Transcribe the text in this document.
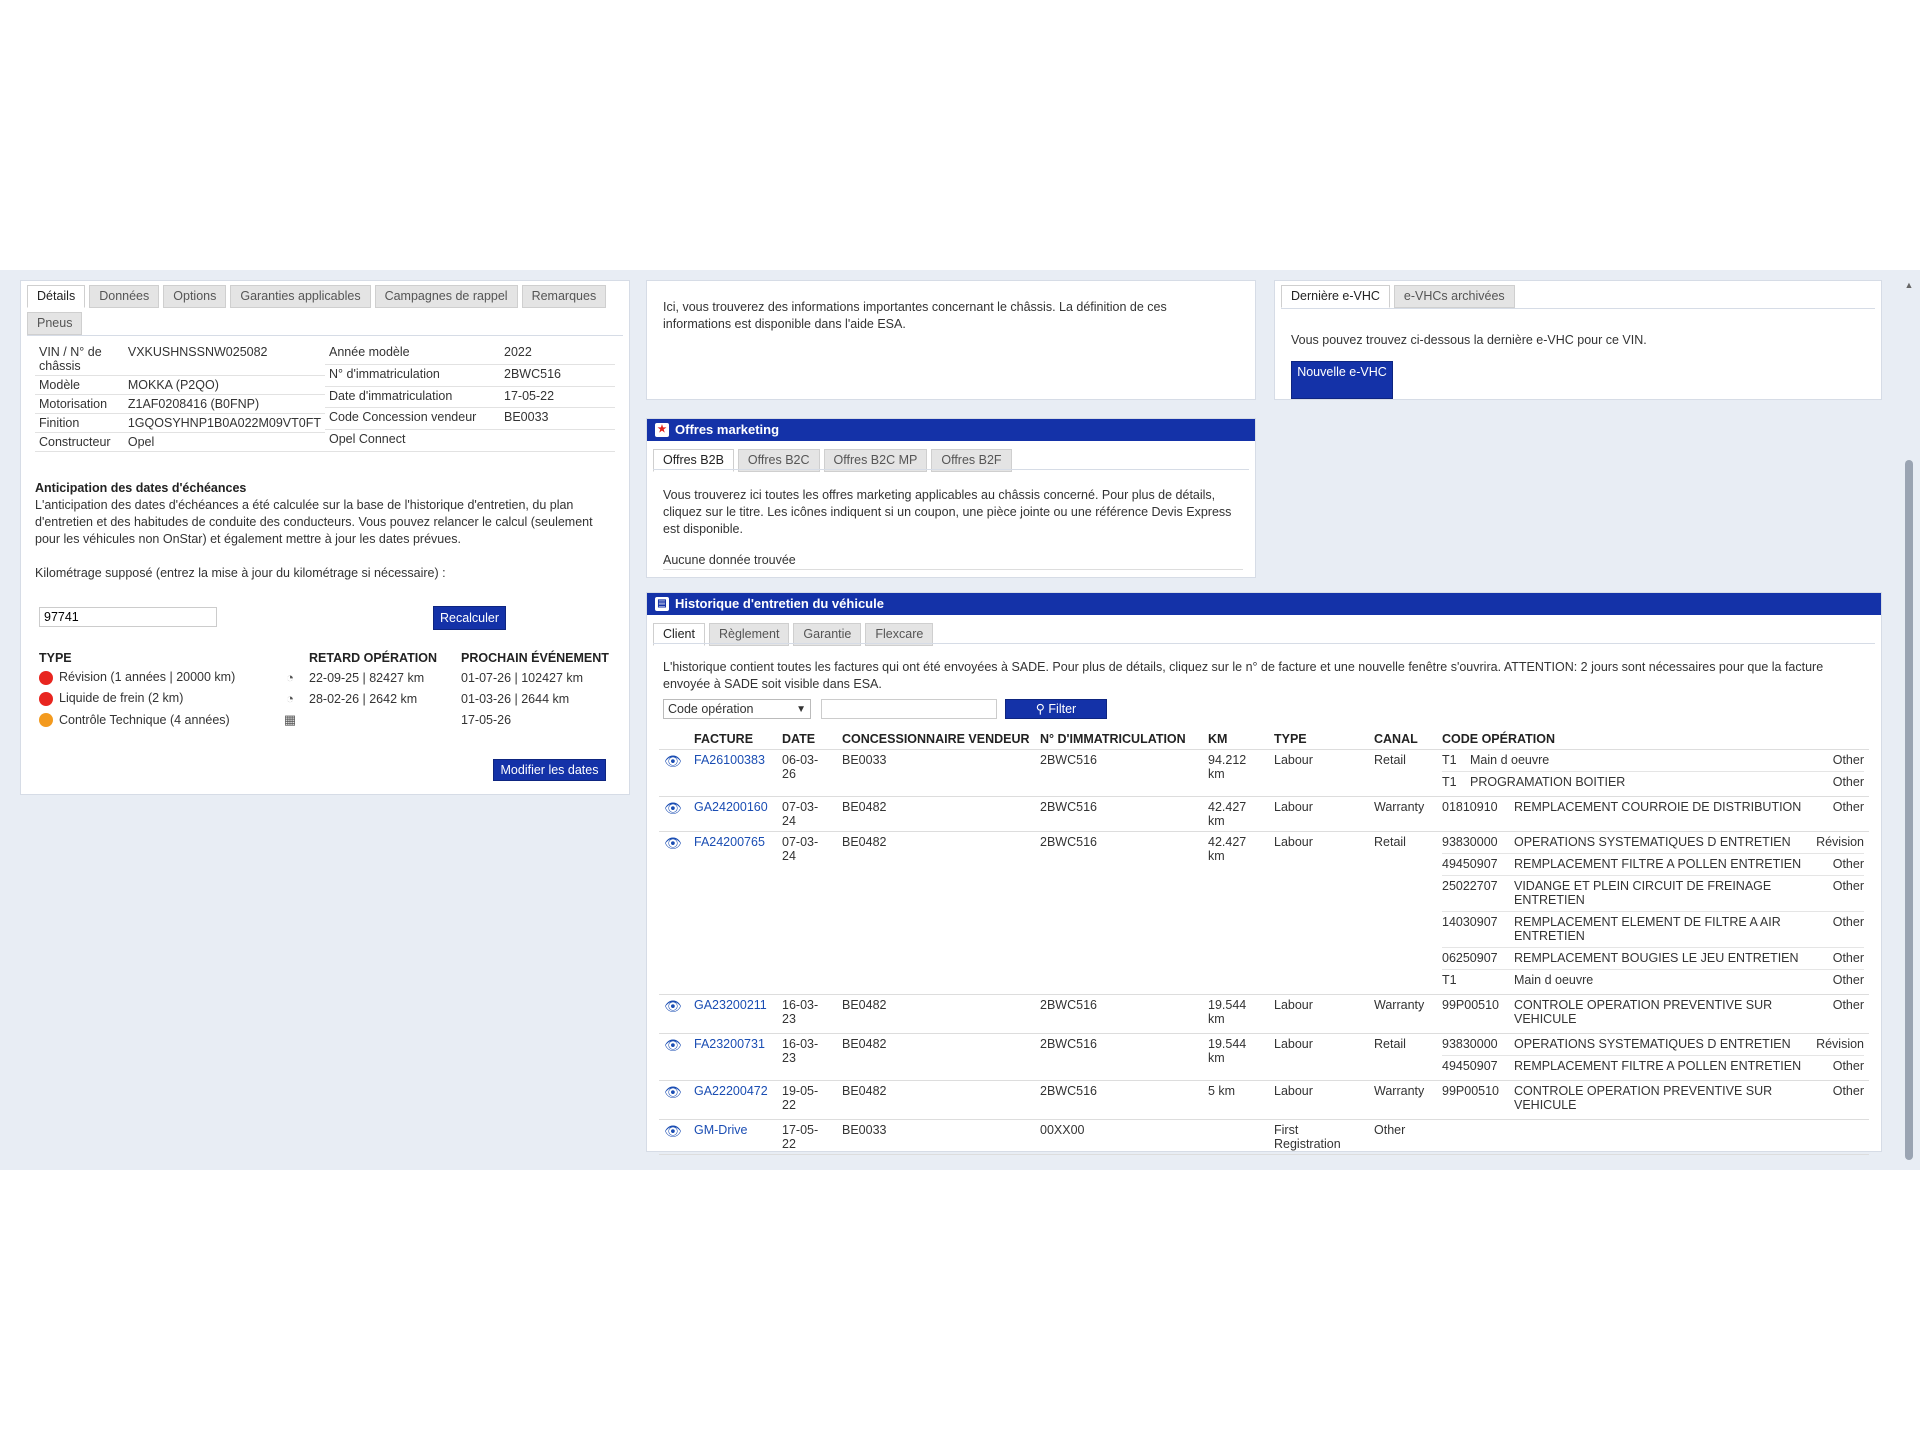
Détails	Données	Options	Garanties applicables	Campagnes de rappel	Remarques
Pneus
VIN / N° de châssis	VXKUSHNSSNW025082
Modèle	MOKKA (P2QO)
Motorisation	Z1AF0208416 (B0FNP)
Finition	1GQOSYHNP1B0A022M09VT0FT
Constructeur	Opel
Année modèle	2022
N° d'immatriculation	2BWC516
Date d'immatriculation	17-05-22
Code Concession vendeur	BE0033
Opel Connect	
Anticipation des dates d'échéances
L'anticipation des dates d'échéances a été calculée sur la base de l'historique d'entretien, du plan d'entretien et des habitudes de conduite des conducteurs. Vous pouvez relancer le calcul (seulement pour les véhicules non OnStar) et également mettre à jour les dates prévues.
Kilométrage supposé (entrez la mise à jour du kilométrage si nécessaire) :
97741
Recalculer
TYPE		RETARD OPÉRATION	PROCHAIN ÉVÉNEMENT
Révision (1 années | 20000 km)	◔	22-09-25 | 82427 km	01-07-26 | 102427 km
Liquide de frein (2 km)	◔	28-02-26 | 2642 km	01-03-26 | 2644 km
Contrôle Technique (4 années)	▦		17-05-26
Modifier les dates
Ici, vous trouverez des informations importantes concernant le châssis. La définition de ces informations est disponible dans l'aide ESA.
Dernière e-VHC	e-VHCs archivées
Vous pouvez trouvez ci-dessous la dernière e-VHC pour ce VIN.
Nouvelle e-VHC
★ Offres marketing
Offres B2B	Offres B2C	Offres B2C MP	Offres B2F
Vous trouverez ici toutes les offres marketing applicables au châssis concerné. Pour plus de détails, cliquez sur le titre. Les icônes indiquent si un coupon, une pièce jointe ou une référence Devis Express est disponible.
Aucune donnée trouvée
▤ Historique d'entretien du véhicule
Client	Règlement	Garantie	Flexcare
L'historique contient toutes les factures qui ont été envoyées à SADE. Pour plus de détails, cliquez sur le n° de facture et une nouvelle fenêtre s'ouvrira. ATTENTION: 2 jours sont nécessaires pour que la facture envoyée à SADE soit visible dans ESA.
Code opération	▼	⚲ Filter
	FACTURE	DATE	CONCESSIONNAIRE VENDEUR	N° D'IMMATRICULATION	KM	TYPE	CANAL	CODE OPÉRATION
👁	FA26100383	06-03-26	BE0033	2BWC516	94.212 km	Labour	Retail		T1	Main d oeuvre	Other
T1	PROGRAMATION BOITIER	Other

👁	GA24200160	07-03-24	BE0482	2BWC516	42.427 km	Labour	Warranty	01810910	REMPLACEMENT COURROIE DE DISTRIBUTION	Other

👁	FA24200765	07-03-24	BE0482	2BWC516	42.427 km	Labour	Retail		93830000	OPERATIONS SYSTEMATIQUES D ENTRETIEN	Révision
49450907	REMPLACEMENT FILTRE A POLLEN ENTRETIEN	Other
25022707	VIDANGE ET PLEIN CIRCUIT DE FREINAGE ENTRETIEN	Other
14030907	REMPLACEMENT ELEMENT DE FILTRE A AIR ENTRETIEN	Other
06250907	REMPLACEMENT BOUGIES LE JEU ENTRETIEN	Other
T1	Main d oeuvre	Other

👁	GA23200211	16-03-23	BE0482	2BWC516	19.544 km	Labour	Warranty	99P00510	CONTROLE OPERATION PREVENTIVE SUR VEHICULE	Other

👁	FA23200731	16-03-23	BE0482	2BWC516	19.544 km	Labour	Retail		93830000	OPERATIONS SYSTEMATIQUES D ENTRETIEN	Révision
49450907	REMPLACEMENT FILTRE A POLLEN ENTRETIEN	Other

👁	GA22200472	19-05-22	BE0482	2BWC516	5 km	Labour	Warranty	99P00510	CONTROLE OPERATION PREVENTIVE SUR VEHICULE	Other

👁	GM-Drive	17-05-22	BE0033	00XX00		First Registration	Other	
▲
